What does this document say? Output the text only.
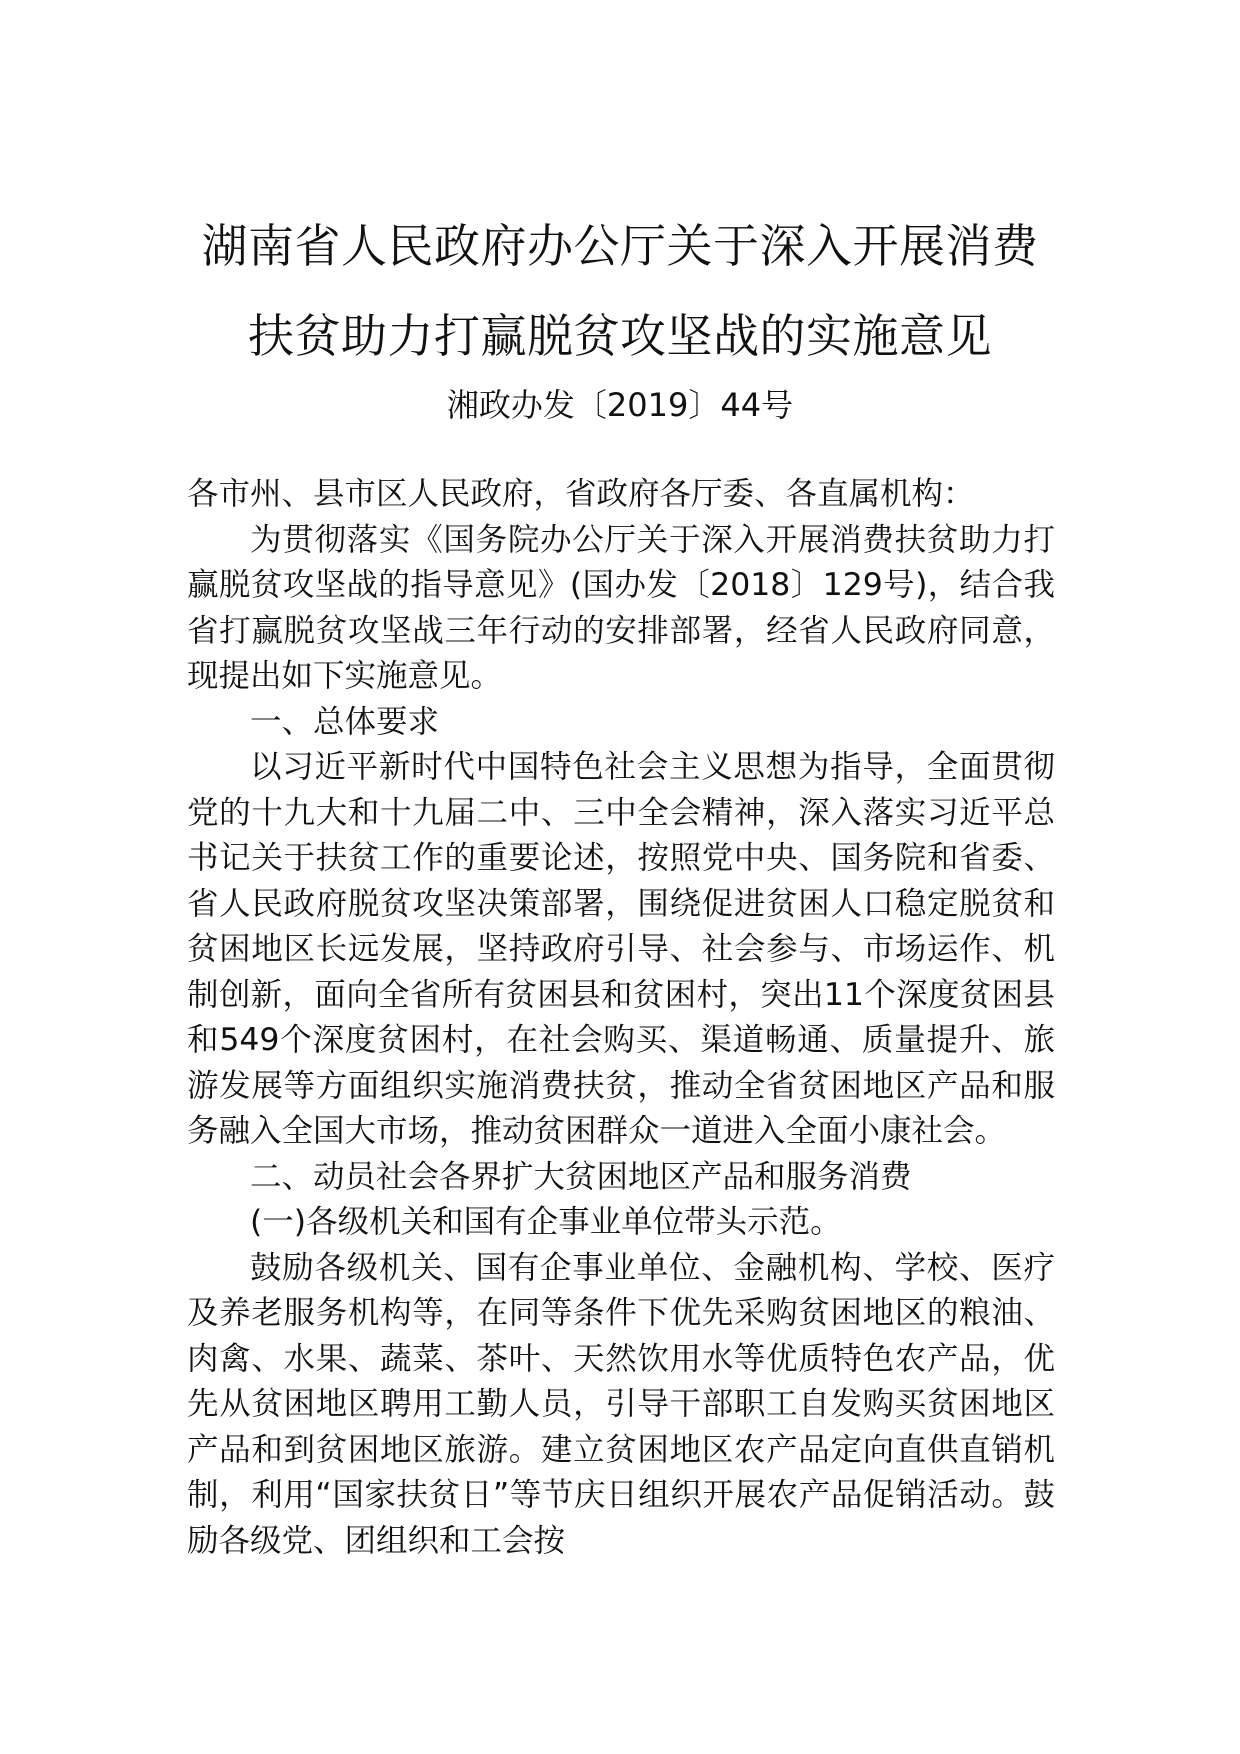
湖南省人民政府办公厅关于深入开展消费
扶贫助力打赢脱贫攻坚战的实施意见
湘政办发〔2019〕44号

各市州、县市区人民政府，省政府各厅委、各直属机构：

为贯彻落实《国务院办公厅关于深入开展消费扶贫助力打赢脱贫攻坚战的指导意见》(国办发〔2018〕129号)，结合我省打赢脱贫攻坚战三年行动的安排部署，经省人民政府同意，现提出如下实施意见。

一、总体要求

以习近平新时代中国特色社会主义思想为指导，全面贯彻党的十九大和十九届二中、三中全会精神，深入落实习近平总书记关于扶贫工作的重要论述，按照党中央、国务院和省委、省人民政府脱贫攻坚决策部署，围绕促进贫困人口稳定脱贫和贫困地区长远发展，坚持政府引导、社会参与、市场运作、机制创新，面向全省所有贫困县和贫困村，突出11个深度贫困县和549个深度贫困村，在社会购买、渠道畅通、质量提升、旅游发展等方面组织实施消费扶贫，推动全省贫困地区产品和服务融入全国大市场，推动贫困群众一道进入全面小康社会。

二、动员社会各界扩大贫困地区产品和服务消费

(一)各级机关和国有企事业单位带头示范。

鼓励各级机关、国有企事业单位、金融机构、学校、医疗及养老服务机构等，在同等条件下优先采购贫困地区的粮油、肉禽、水果、蔬菜、茶叶、天然饮用水等优质特色农产品，优先从贫困地区聘用工勤人员，引导干部职工自发购买贫困地区产品和到贫困地区旅游。建立贫困地区农产品定向直供直销机制，利用“国家扶贫日”等节庆日组织开展农产品促销活动。鼓励各级党、团组织和工会按
